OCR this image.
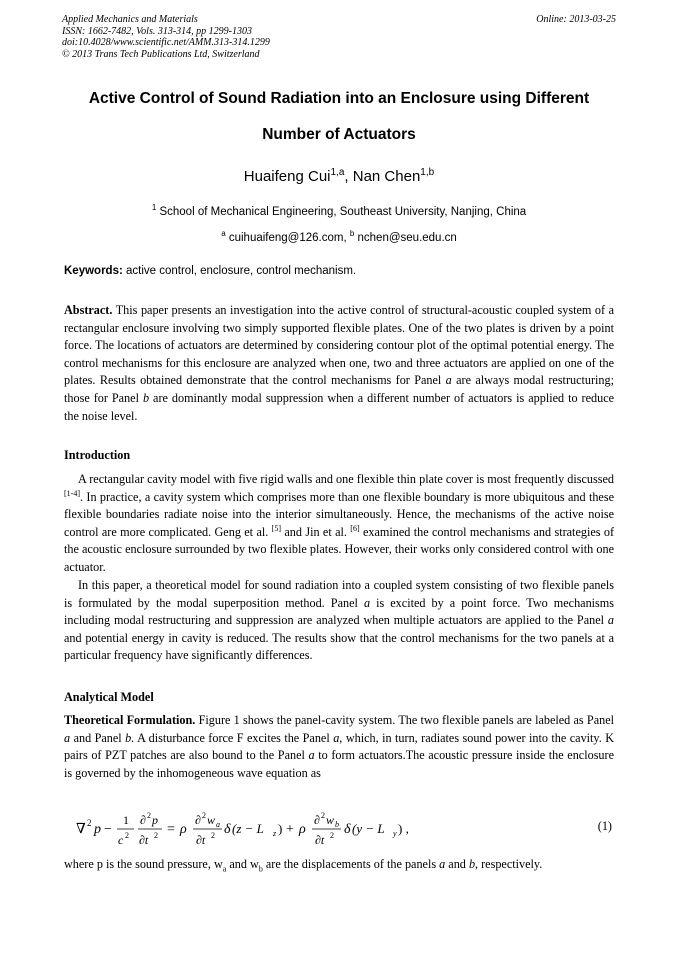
Applied Mechanics and Materials
ISSN: 1662-7482, Vols. 313-314, pp 1299-1303
doi:10.4028/www.scientific.net/AMM.313-314.1299
© 2013 Trans Tech Publications Ltd, Switzerland
Online: 2013-03-25
Active Control of Sound Radiation into an Enclosure using Different
Number of Actuators
Huaifeng Cui$^{1,a}$, Nan Chen$^{1,b}$
$^1$ School of Mechanical Engineering, Southeast University, Nanjing, China
$^a$ cuihuaifeng@126.com, $^b$ nchen@seu.edu.cn
Keywords: active control, enclosure, control mechanism.
Abstract. This paper presents an investigation into the active control of structural-acoustic coupled system of a rectangular enclosure involving two simply supported flexible plates. One of the two plates is driven by a point force. The locations of actuators are determined by considering contour plot of the optimal potential energy. The control mechanisms for this enclosure are analyzed when one, two and three actuators are applied on one of the plates. Results obtained demonstrate that the control mechanisms for Panel a are always modal restructuring; those for Panel b are dominantly modal suppression when a different number of actuators is applied to reduce the noise level.
Introduction
A rectangular cavity model with five rigid walls and one flexible thin plate cover is most frequently discussed [1-4]. In practice, a cavity system which comprises more than one flexible boundary is more ubiquitous and these flexible boundaries radiate noise into the interior simultaneously. Hence, the mechanisms of the active noise control are more complicated. Geng et al. [5] and Jin et al. [6] examined the control mechanisms and strategies of the acoustic enclosure surrounded by two flexible plates. However, their works only considered control with one actuator.
In this paper, a theoretical model for sound radiation into a coupled system consisting of two flexible panels is formulated by the modal superposition method. Panel a is excited by a point force. Two mechanisms including modal restructuring and suppression are analyzed when multiple actuators are applied to the Panel a and potential energy in cavity is reduced. The results show that the control mechanisms for the two panels at a particular frequency have significantly differences.
Analytical Model
Theoretical Formulation. Figure 1 shows the panel-cavity system. The two flexible panels are labeled as Panel a and Panel b. A disturbance force F excites the Panel a, which, in turn, radiates sound power into the cavity. K pairs of PZT patches are also bound to the Panel a to form actuators.The acoustic pressure inside the enclosure is governed by the inhomogeneous wave equation as
∇ 2 p −
1
c 2
∂ 2 p
∂t 2 = ρ
∂ 2 w a
∂t 2 δ (z − L z ) + ρ
∂ 2 w b
∂t 2 δ (y − L y ) ,	(1)
where p is the sound pressure, $w_a$ and $w_b$ are the displacements of the panels a and b, respectively.
